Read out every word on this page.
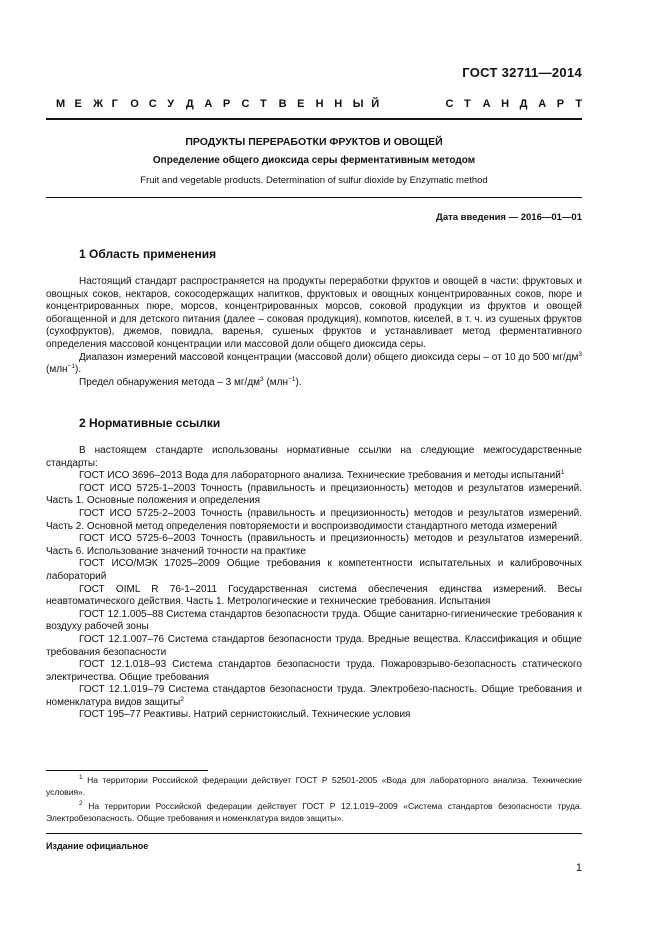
ГОСТ 32711—2014
М Е	Ж Г	О С У	Д А Р	С Т	В Е	Н Н Ы Й	С Т	А Н Д А Р	Т
ПРОДУКТЫ ПЕРЕРАБОТКИ ФРУКТОВ И ОВОЩЕЙ
Определение общего диоксида серы ферментативным методом
Fruit and vegetable products. Determination of sulfur dioxide by Enzymatic method
Дата введения — 2016—01—01
1 Область применения

Настоящий стандарт распространяется на продукты переработки фруктов и овощей в части: фруктовых и овощных соков, нектаров, сокосодержащих напитков, фруктовых и овощных концентрированных соков, пюре и концентрированных пюре, морсов, концентрированных морсов, соковой продукции из фруктов и овощей обогащенной и для детского питания (далее – соковая продукция), компотов, киселей, в т. ч. из сушеных фруктов (сухофруктов), джемов, повидла, варенья, сушеных фруктов и устанавливает метод ферментативного определения массовой концентрации или массовой доли общего диоксида серы.

Диапазон измерений массовой концентрации (массовой доли) общего диоксида серы – от 10 до 500 $мг/дм^3$ (млн$^{-1}$).

Предел обнаружения метода – 3 $мг/дм^3$ (млн$^{-1}$).

2 Нормативные ссылки

В настоящем стандарте использованы нормативные ссылки на следующие межгосударственные стандарты:

ГОСТ ИСО 3696–2013 Вода для лабораторного анализа. Технические требования и методы испытаний$^1$

ГОСТ ИСО 5725-1–2003 Точность (правильность и прецизионность) методов и результатов измерений. Часть 1. Основные положения и определения

ГОСТ ИСО 5725-2–2003 Точность (правильность и прецизионность) методов и результатов измерений. Часть 2. Основной метод определения повторяемости и воспроизводимости стандартного метода измерений

ГОСТ ИСО 5725-6–2003 Точность (правильность и прецизионность) методов и результатов измерений. Часть 6. Использование значений точности на практике

ГОСТ ИСО/МЭК 17025–2009 Общие требования к компетентности испытательных и калибровочных лабораторий

ГОСТ OIML R 76-1–2011 Государственная система обеспечения единства измерений. Весы неавтоматического действия. Часть 1. Метрологические и технические требования. Испытания

ГОСТ 12.1.005–88 Система стандартов безопасности труда. Общие санитарно-гигиенические требования к воздуху рабочей зоны

ГОСТ 12.1.007–76 Система стандартов безопасности труда. Вредные вещества. Классификация и общие требования безопасности

ГОСТ 12.1.018–93 Система стандартов безопасности труда. Пожаровзрыво-безопасность статического электричества. Общие требования

ГОСТ 12.1.019–79 Система стандартов безопасности труда. Электробезо-пасность. Общие требования и номенклатура видов защиты$^2$

ГОСТ 195–77 Реактивы. Натрий сернистокислый. Технические условия

$^1$ На территории Российской федерации действует ГОСТ Р 52501-2005 «Вода для лабораторного анализа. Технические условия».

$^2$ На территории Российской федерации действует ГОСТ Р 12.1.019–2009 «Система стандартов безопасности труда. Электробезопасность. Общие требования и номенклатура видов защиты».

Издание официальное
1
